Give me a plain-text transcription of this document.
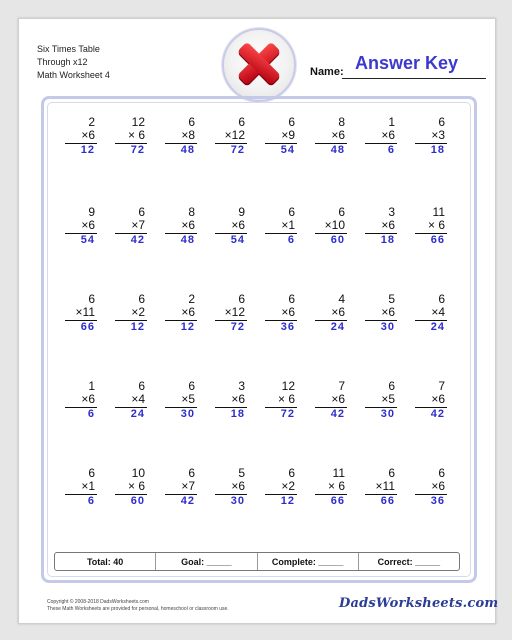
Six Times Table
Through x12
Math Worksheet 4	Name: Answer Key
2
×6
12
12
× 6
72
6
×8
48
6
×12
72
6
×9
54
8
×6
48
1
×6
6
6
×3
18
9
×6
54
6
×7
42
8
×6
48
9
×6
54
6
×1
6
6
×10
60
3
×6
18
11
× 6
66
6
×11
66
6
×2
12
2
×6
12
6
×12
72
6
×6
36
4
×6
24
5
×6
30
6
×4
24
1
×6
6
6
×4
24
6
×5
30
3
×6
18
12
× 6
72
7
×6
42
6
×5
30
7
×6
42
6
×1
6
10
× 6
60
6
×7
42
5
×6
30
6
×2
12
11
× 6
66
6
×11
66
6
×6
36
Total: 40	Goal: _____	Complete: _____	Correct: _____
Copyright © 2008-2018 DadsWorksheets.com
These Math Worksheets are provided for personal, homeschool or classroom use.	DadsWorksheets.com
